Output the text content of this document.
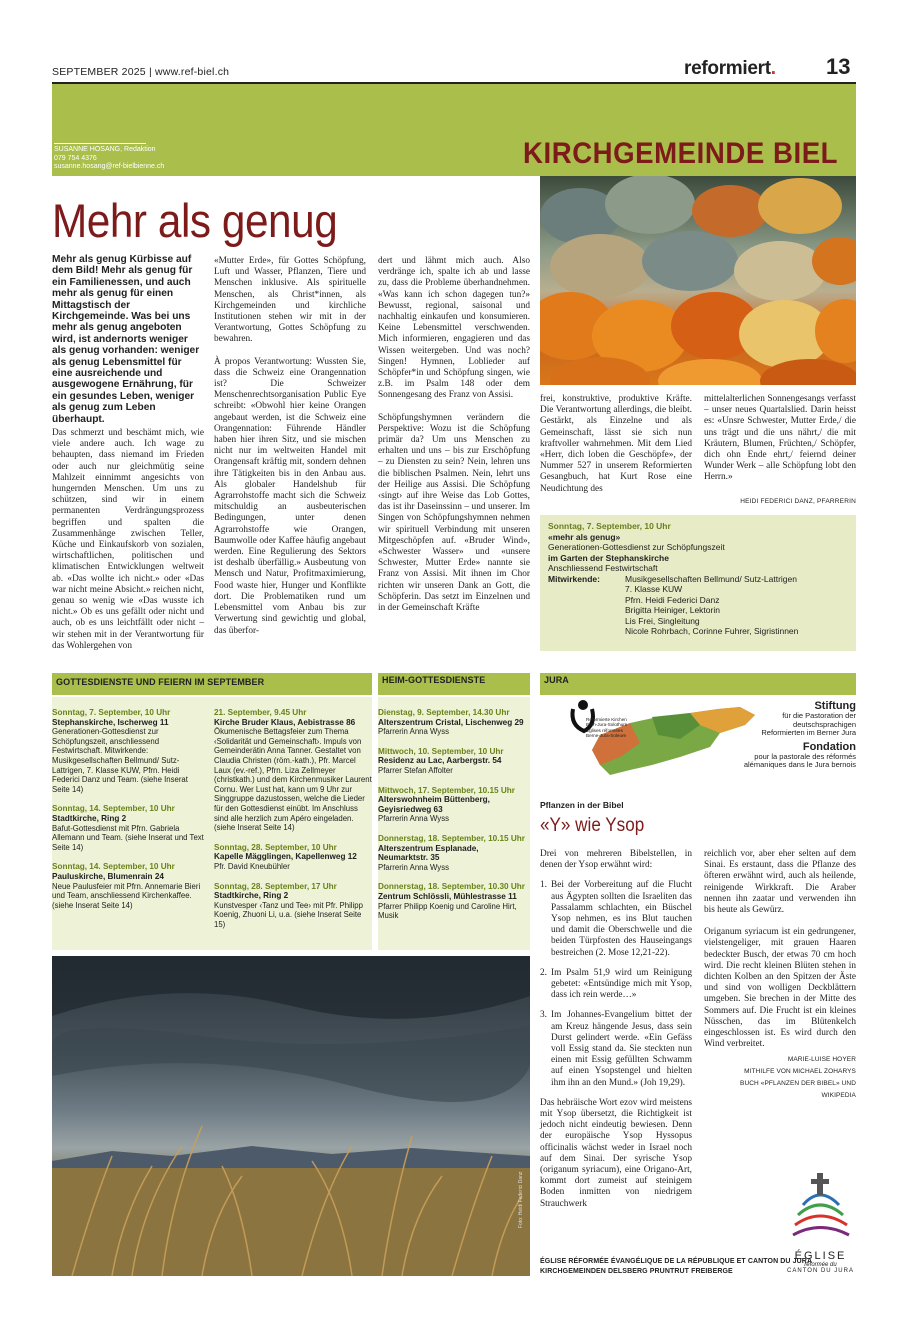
SEPTEMBER 2025 | www.ref-biel.ch	reformiert. 13
SUSANNE HOSANG, Redaktion
079 754 4376
susanne.hosang@ref-bielbienne.ch	KIRCHGEMEINDE BIEL
Mehr als genug
Mehr als genug Kürbisse auf dem Bild! Mehr als genug für ein Familienessen, und auch mehr als genug für einen Mittagstisch der Kirchgemeinde. Was bei uns mehr als genug angeboten wird, ist andernorts weniger als genug vorhanden: weniger als genug Lebensmittel für eine ausreichende und ausgewogene Ernährung, für ein gesundes Leben, weniger als genug zum Leben überhaupt.
Das schmerzt und beschämt mich, wie viele andere auch. Ich wage zu behaupten, dass niemand im Frieden oder auch nur gleichmütig seine Mahlzeit einnimmt angesichts von hungernden Menschen. Um uns zu schützen, sind wir in einem permanenten Verdrängungsprozess begriffen und spalten die Zusammenhänge zwischen Teller, Küche und Einkaufskorb von sozialen, wirtschaftlichen, politischen und klimatischen Entwicklungen weltweit ab. «Das wollte ich nicht.» oder «Das war nicht meine Absicht.» reichen nicht, genau so wenig wie «Das wusste ich nicht.» Ob es uns gefällt oder nicht und auch, ob es uns leichtfällt oder nicht – wir stehen mit in der Verantwortung für das Wohlergehen von

«Mutter Erde», für Gottes Schöpfung, Luft und Wasser, Pflanzen, Tiere und Menschen inklusive. Als spirituelle Menschen, als Christ*innen, als Kirchgemeinden und kirchliche Institutionen stehen wir mit in der Verantwortung, Gottes Schöpfung zu bewahren.

À propos Verantwortung: Wussten Sie, dass die Schweiz eine Orangennation ist? Die Schweizer Menschenrechtsorganisation Public Eye schreibt: «Obwohl hier keine Orangen angebaut werden, ist die Schweiz eine Orangennation: Führende Händler haben hier ihren Sitz, und sie mischen nicht nur im weltweiten Handel mit Orangensaft kräftig mit, sondern dehnen ihre Tätigkeiten bis in den Anbau aus. Als globaler Handelshub für Agrarrohstoffe macht sich die Schweiz mitschuldig an ausbeuterischen Bedingungen, unter denen Agrarrohstoffe wie Orangen, Baumwolle oder Kaffee häufig angebaut werden. Eine Regulierung des Sektors ist deshalb überfällig.» Ausbeutung von Mensch und Natur, Profitmaximierung, Food waste hier, Hunger und Konflikte dort. Die Problematiken rund um Lebensmittel vom Anbau bis zur Verwertung sind gewichtig und global, das überfor-

dert und lähmt mich auch. Also verdränge ich, spalte ich ab und lasse zu, dass die Probleme überhandnehmen. «Was kann ich schon dagegen tun?» Bewusst, regional, saisonal und nachhaltig einkaufen und konsumieren. Keine Lebensmittel verschwenden. Mich informieren, engagieren und das Wissen weitergeben. Und was noch? Singen! Hymnen, Loblieder auf Schöpfer*in und Schöpfung singen, wie z.B. im Psalm 148 oder dem Sonnengesang des Franz von Assisi.

Schöpfungshymnen verändern die Perspektive: Wozu ist die Schöpfung primär da? Um uns Menschen zu erhalten und uns – bis zur Erschöpfung – zu Diensten zu sein? Nein, lehren uns die biblischen Psalmen. Nein, lehrt uns der Heilige aus Assisi. Die Schöpfung ‹singt› auf ihre Weise das Lob Gottes, das ist ihr Daseinssinn – und unserer. Im Singen von Schöpfungshymnen nehmen wir spirituell Verbindung mit unseren Mitgeschöpfen auf. «Bruder Wind», «Schwester Wasser» und «unsere Schwester, Mutter Erde» nannte sie Franz von Assisi. Mit ihnen im Chor richten wir unseren Dank an Gott, die Schöpferin. Das setzt im Einzelnen und in der Gemeinschaft Kräfte

frei, konstruktive, produktive Kräfte. Die Verantwortung allerdings, die bleibt. Gestärkt, als Einzelne und als Gemeinschaft, lässt sie sich nun kraftvoller wahrnehmen. Mit dem Lied «Herr, dich loben die Geschöpfe», der Nummer 527 in unserem Reformierten Gesangbuch, hat Kurt Rose eine Neudichtung des
mittelalterlichen Sonnengesangs verfasst – unser neues Quartalslied. Darin heisst es: «Unsre Schwester, Mutter Erde,/ die uns trägt und die uns nährt,/ die mit Kräutern, Blumen, Früchten,/ Schöpfer, dich ohn Ende ehrt,/ feiernd deiner Wunder Werk – alle Schöpfung lobt den Herrn.»
HEIDI FEDERICI DANZ, PFARRERIN
Sonntag, 7. September, 10 Uhr
«mehr als genug»
Generationen-Gottesdienst zur Schöpfungszeit
im Garten der Stephanskirche
Anschliessend Festwirtschaft
Mitwirkende:	Musikgesellschaften Bellmund/ Sutz-Lattrigen
7. Klasse KUW
Pfrn. Heidi Federici Danz
Brigitta Heiniger, Lektorin
Lis Frei, Singleitung
Nicole Rohrbach, Corinne Fuhrer, Sigristinnen
GOTTESDIENSTE UND FEIERN IM SEPTEMBER	HEIM-GOTTESDIENSTE	JURA
Sonntag, 7. September, 10 Uhr
Stephanskirche, Ischerweg 11
Generationen-Gottesdienst zur Schöpfungszeit, anschliessend Festwirtschaft. Mitwirkende: Musikgesellschaften Bellmund/ Sutz-Lattrigen, 7. Klasse KUW, Pfrn. Heidi Federici Danz und Team. (siehe Inserat Seite 14)
Sonntag, 14. September, 10 Uhr
Stadtkirche, Ring 2
Bafut-Gottesdienst mit Pfrn. Gabriela Allemann und Team. (siehe Inserat und Text Seite 14)
Sonntag, 14. September, 10 Uhr
Pauluskirche, Blumenrain 24
Neue Paulusfeier mit Pfrn. Annemarie Bieri und Team, anschliessend Kirchenkaffee. (siehe Inserat Seite 14)
21. September, 9.45 Uhr
Kirche Bruder Klaus, Aebistrasse 86
Ökumenische Bettagsfeier zum Thema ‹Solidarität und Gemeinschaft›. Impuls von Gemeinderätin Anna Tanner. Gestaltet von Claudia Christen (röm.-kath.), Pfr. Marcel Laux (ev.-ref.), Pfrn. Liza Zellmeyer (christkath.) und dem Kirchenmusiker Laurent Cornu. Wer Lust hat, kann um 9 Uhr zur Singgruppe dazustossen, welche die Lieder für den Gottesdienst einübt. Im Anschluss sind alle herzlich zum Apéro eingeladen. (siehe Inserat Seite 14)
Sonntag, 28. September, 10 Uhr
Kapelle Mägglingen, Kapellenweg 12
Pfr. David Kneubühler
Sonntag, 28. September, 17 Uhr
Stadtkirche, Ring 2
Kunstvesper ‹Tanz und Tee› mit Pfr. Philipp Koenig, Zhuoni Li, u.a. (siehe Inserat Seite 15)
Dienstag, 9. September, 14.30 Uhr
Alterszentrum Cristal, Lischenweg 29
Pfarrerin Anna Wyss
Mittwoch, 10. September, 10 Uhr
Residenz au Lac, Aarbergstr. 54
Pfarrer Stefan Affolter
Mittwoch, 17. September, 10.15 Uhr
Alterswohnheim Büttenberg, Geyisriedweg 63
Pfarrerin Anna Wyss
Donnerstag, 18. September, 10.15 Uhr
Alterszentrum Esplanade, Neumarktstr. 35
Pfarrerin Anna Wyss
Donnerstag, 18. September, 10.30 Uhr
Zentrum Schlössli, Mühlestrasse 11
Pfarrer Philipp Koenig und Caroline Hirt, Musik
Foto: Heidi Federici Danz
Reformierte Kirchen
Bern-Jura-Solothurn
Eglises réformées
Berne-Jura-Soleure
Stiftung
für die Pastoration der
deutschsprachigen
Reformierten im Berner Jura
Fondation
pour la pastorale des réformés
alémaniques dans le Jura bernois
Pflanzen in der Bibel
«Y» wie Ysop
Drei von mehreren Bibelstellen, in denen der Ysop erwähnt wird:
1. Bei der Vorbereitung auf die Flucht aus Ägypten sollten die Israeliten das Passalamm schlachten, ein Büschel Ysop nehmen, es ins Blut tauchen und damit die Oberschwelle und die beiden Türpfosten des Hauseingangs bestreichen (2. Mose 12,21-22).
2. Im Psalm 51,9 wird um Reinigung gebetet: «Entsündige mich mit Ysop, dass ich rein werde…»
3. Im Johannes-Evangelium bittet der am Kreuz hängende Jesus, dass sein Durst gelindert werde. «Ein Gefäss voll Essig stand da. Sie steckten nun einen mit Essig gefüllten Schwamm auf einen Ysopstengel und hielten ihm ihn an den Mund.» (Joh 19,29).

Das hebräische Wort ezov wird meistens mit Ysop übersetzt, die Richtigkeit ist jedoch nicht eindeutig bewiesen. Denn der europäische Ysop Hyssopus officinalis wächst weder in Israel noch auf dem Sinai. Der syrische Ysop (origanum syriacum), eine Origano-Art, kommt dort zumeist auf steinigem Boden inmitten von niedrigem Strauchwerk

reichlich vor, aber eher selten auf dem Sinai. Es erstaunt, dass die Pflanze des öfteren erwähnt wird, auch als heilende, reinigende Wirkkraft. Die Araber nennen ihn zaatar und verwenden ihn bis heute als Gewürz.

Origanum syriacum ist ein gedrungener, vielstengeliger, mit grauen Haaren bedeckter Busch, der etwas 70 cm hoch wird. Die recht kleinen Blüten stehen in dichten Kolben an den Spitzen der Äste und sind von wolligen Deckblättern umgeben. Sie brechen in der Mitte des Sommers auf. Die Frucht ist ein kleines Nüsschen, das im Blütenkelch eingeschlossen ist. Es wird durch den Wind verbreitet.

MARIE-LUISE HOYER
MITHILFE VON MICHAEL ZOHARYS
BUCH «PFLANZEN DER BIBEL» UND WIKIPEDIA
ÉGLISE RÉFORMÉE ÉVANGÉLIQUE DE LA RÉPUBLIQUE ET CANTON DU JURA
KIRCHGEMEINDEN DELSBERG PRUNTRUT FREIBERGE
ÉGLISE
réformée du
CANTON DU JURA
